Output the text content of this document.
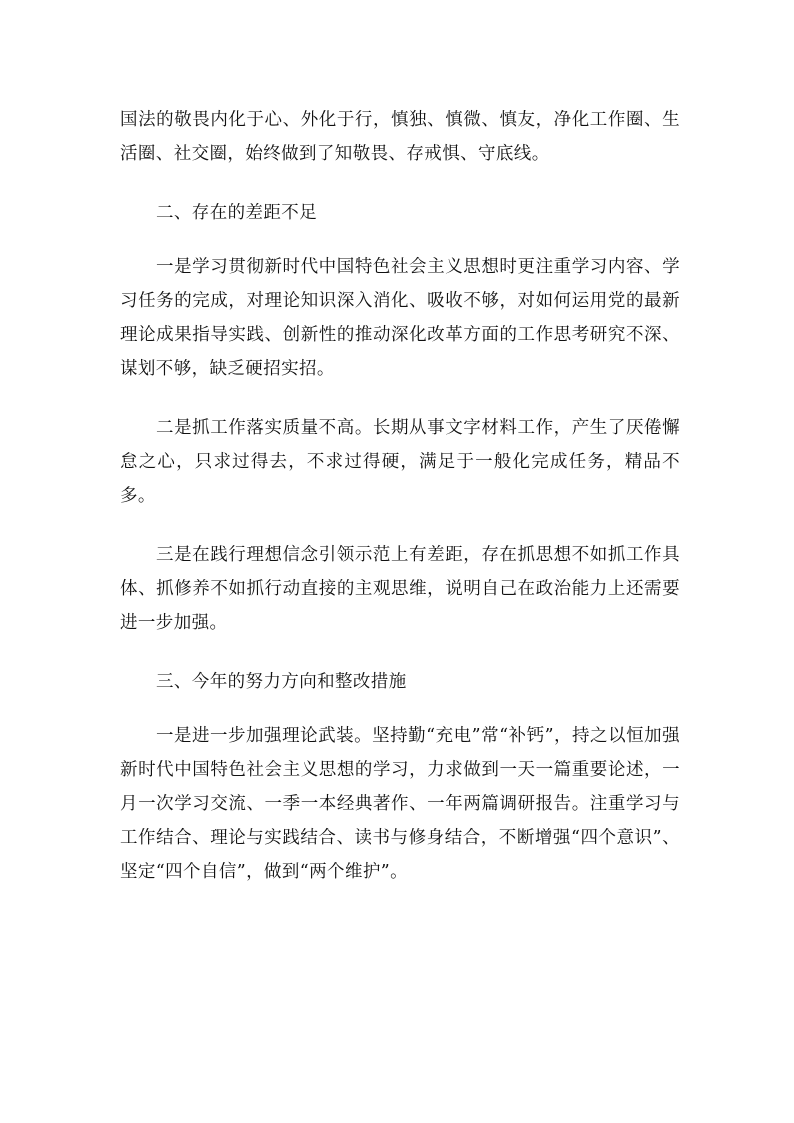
国法的敬畏内化于心、外化于行，慎独、慎微、慎友，净化工作圈、生活圈、社交圈，始终做到了知敬畏、存戒惧、守底线。

二、存在的差距不足

一是学习贯彻新时代中国特色社会主义思想时更注重学习内容、学习任务的完成，对理论知识深入消化、吸收不够，对如何运用党的最新理论成果指导实践、创新性的推动深化改革方面的工作思考研究不深、谋划不够，缺乏硬招实招。

二是抓工作落实质量不高。长期从事文字材料工作，产生了厌倦懈怠之心，只求过得去，不求过得硬，满足于一般化完成任务，精品不多。

三是在践行理想信念引领示范上有差距，存在抓思想不如抓工作具体、抓修养不如抓行动直接的主观思维，说明自己在政治能力上还需要进一步加强。

三、今年的努力方向和整改措施

一是进一步加强理论武装。坚持勤“充电”常“补钙”，持之以恒加强新时代中国特色社会主义思想的学习，力求做到一天一篇重要论述，一月一次学习交流、一季一本经典著作、一年两篇调研报告。注重学习与工作结合、理论与实践结合、读书与修身结合，不断增强“四个意识”、坚定“四个自信”，做到“两个维护”。
